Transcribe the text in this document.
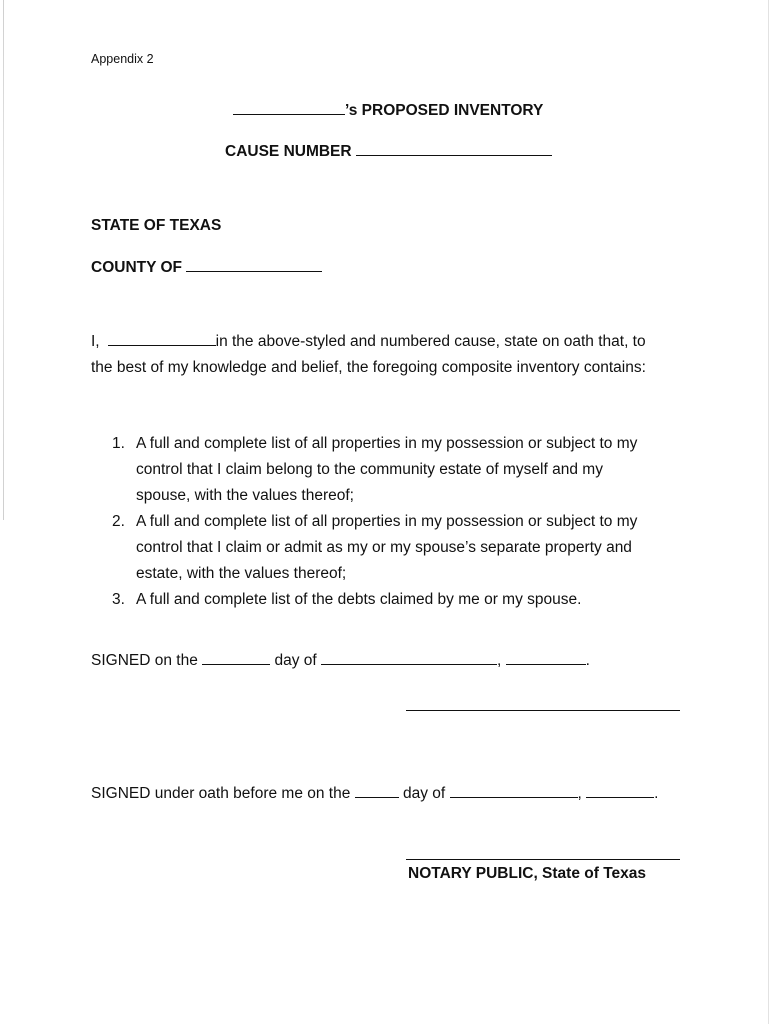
Appendix 2
’s PROPOSED INVENTORY
CAUSE NUMBER
STATE OF TEXAS
COUNTY OF
I,	in the above-styled and numbered cause, state on oath that, to
the best of my knowledge and belief, the foregoing composite inventory contains:
1. A full and complete list of all properties in my possession or subject to my
control that I claim belong to the community estate of myself and my
spouse, with the values thereof;
2. A full and complete list of all properties in my possession or subject to my
control that I claim or admit as my or my spouse’s separate property and
estate, with the values thereof;
3. A full and complete list of the debts claimed by me or my spouse.
SIGNED on the	day of	,	.
SIGNED under oath before me on the	day of	,	.
NOTARY PUBLIC, State of Texas
